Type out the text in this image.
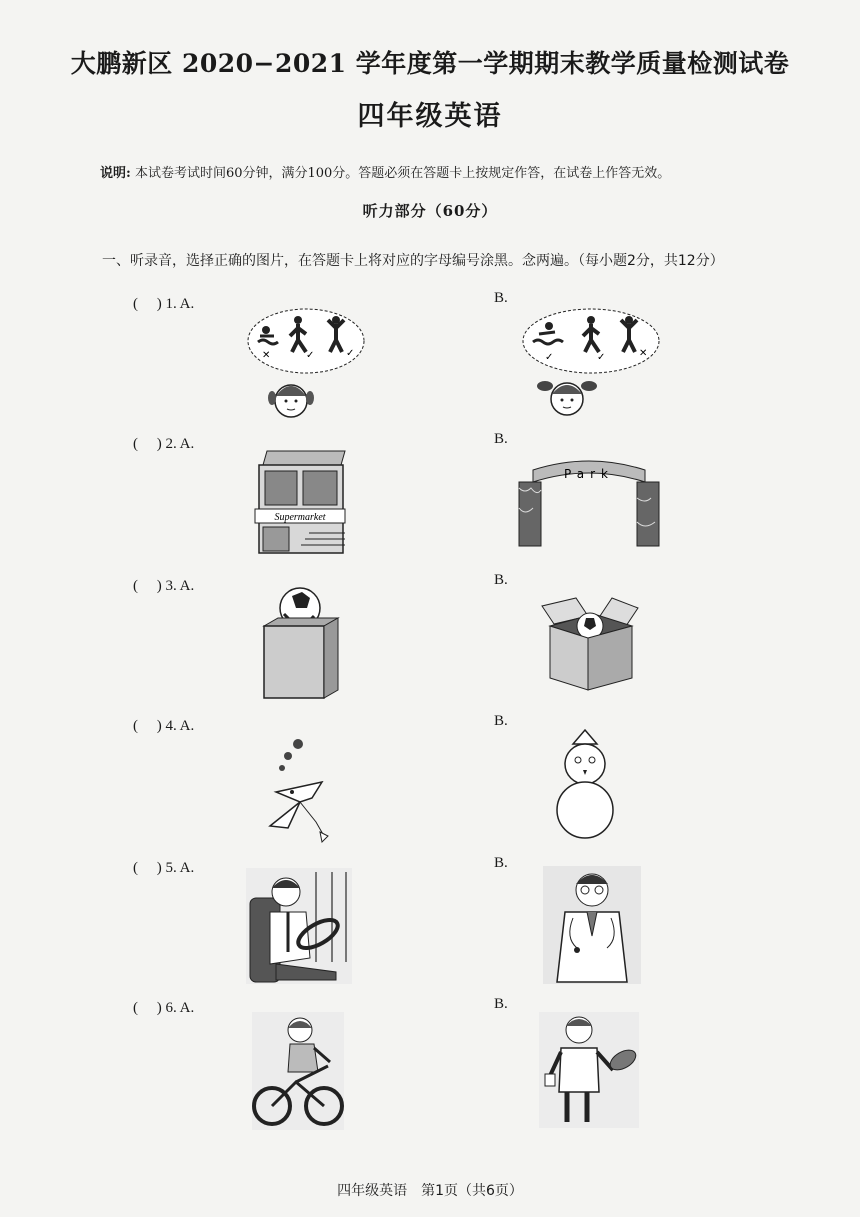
大鹏新区 2020−2021 学年度第一学期期末教学质量检测试卷
四年级英语
说明: 本试卷考试时间60分钟，满分100分。答题必须在答题卡上按规定作答，在试卷上作答无效。
听力部分（60分）
一、听录音，选择正确的图片，在答题卡上将对应的字母编号涂黑。念两遍。（每小题2分，共12分）
(     ) 1. A.	B.
✕	✓	✓	✓	✓	✕
(     ) 2. A.	B.
Supermarket
Park
(     ) 3. A.	B.
(     ) 4. A.	B.
(     ) 5. A.	B.
(     ) 6. A.	B.
四年级英语　第1页（共6页）
